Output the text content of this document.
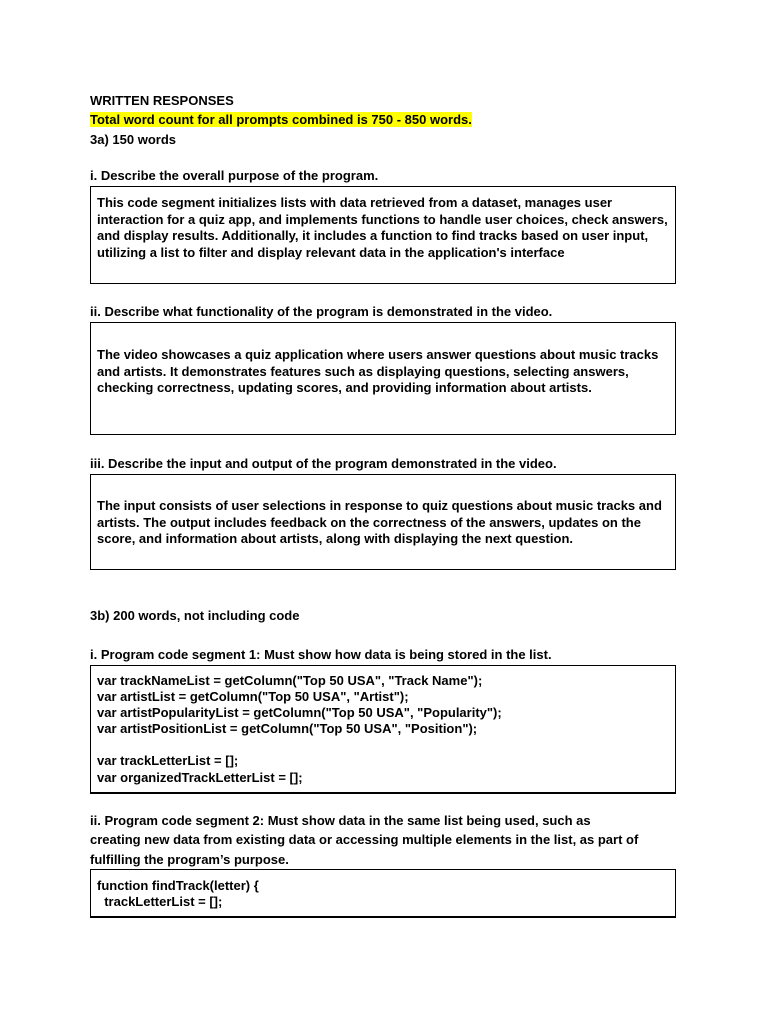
WRITTEN RESPONSES
Total word count for all prompts combined is 750 - 850 words.
3a) 150 words
i. Describe the overall purpose of the program.
This code segment initializes lists with data retrieved from a dataset, manages user interaction for a quiz app, and implements functions to handle user choices, check answers, and display results. Additionally, it includes a function to find tracks based on user input, utilizing a list to filter and display relevant data in the application's interface
ii. Describe what functionality of the program is demonstrated in the video.
The video showcases a quiz application where users answer questions about music tracks and artists. It demonstrates features such as displaying questions, selecting answers, checking correctness, updating scores, and providing information about artists.
iii. Describe the input and output of the program demonstrated in the video.
The input consists of user selections in response to quiz questions about music tracks and artists. The output includes feedback on the correctness of the answers, updates on the score, and information about artists, along with displaying the next question.
3b) 200 words, not including code
i. Program code segment 1: Must show how data is being stored in the list.
var trackNameList = getColumn("Top 50 USA", "Track Name");
var artistList = getColumn("Top 50 USA", "Artist");
var artistPopularityList = getColumn("Top 50 USA", "Popularity");
var artistPositionList = getColumn("Top 50 USA", "Position");
var trackLetterList = [];
var organizedTrackLetterList = [];
ii. Program code segment 2: Must show data in the same list being used, such as
creating new data from existing data or accessing multiple elements in the list, as part of
fulfilling the program’s purpose.
function findTrack(letter) {
trackLetterList = [];
